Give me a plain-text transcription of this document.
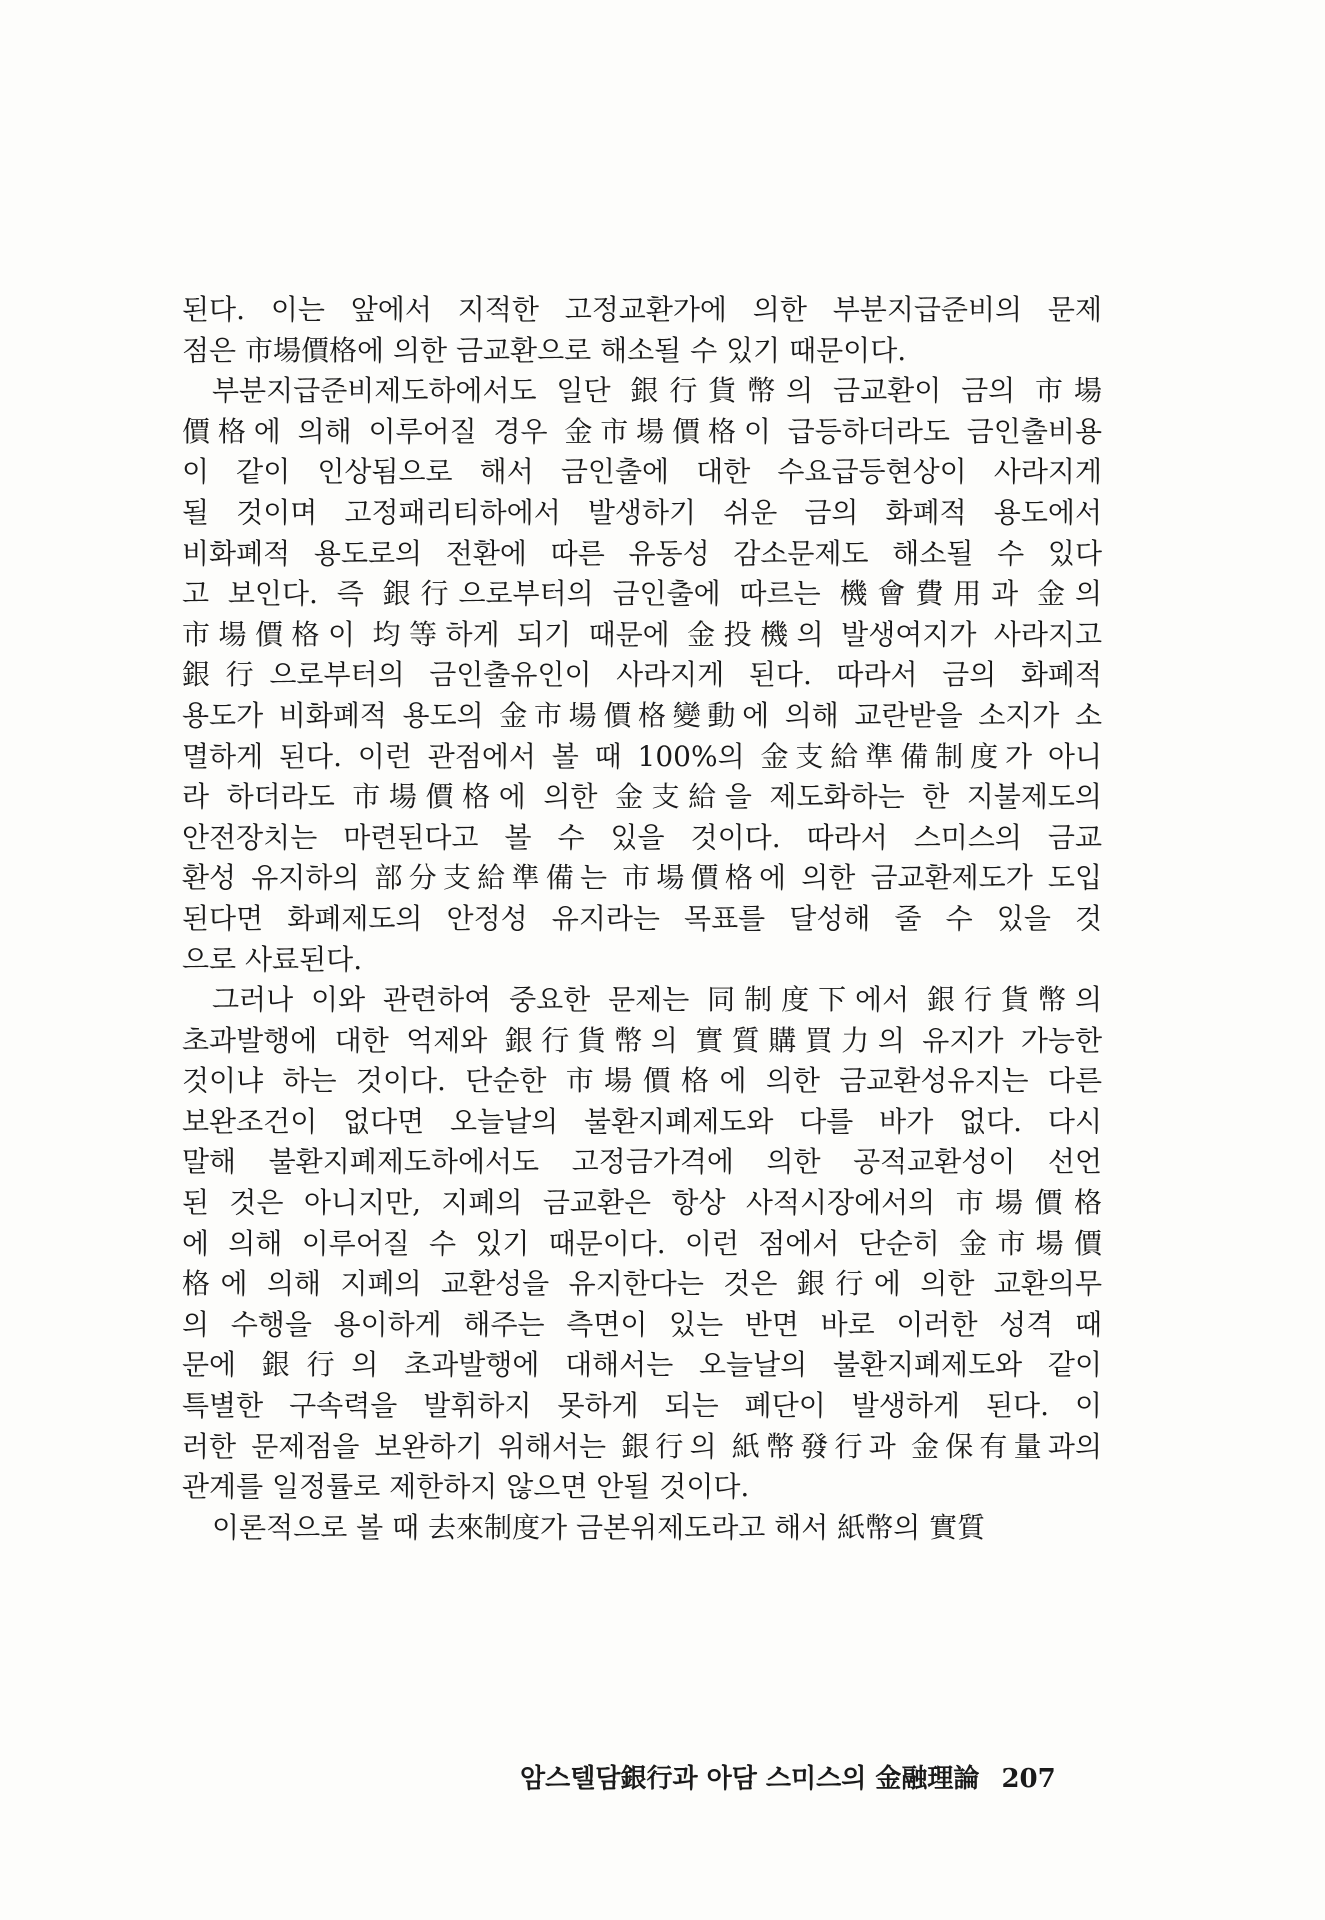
된다. 이는 앞에서 지적한 고정교환가에 의한 부분지급준비의 문제
점은 市場價格에 의한 금교환으로 해소될 수 있기 때문이다.

부분지급준비제도하에서도 일단 銀行貨幣의 금교환이 금의 市場
價格에 의해 이루어질 경우 金市場價格이 급등하더라도 금인출비용
이 같이 인상됨으로 해서 금인출에 대한 수요급등현상이 사라지게
될 것이며 고정패리티하에서 발생하기 쉬운 금의 화폐적 용도에서
비화폐적 용도로의 전환에 따른 유동성 감소문제도 해소될 수 있다
고 보인다. 즉 銀行으로부터의 금인출에 따르는 機會費用과 金의
市場價格이 均等하게 되기 때문에 金投機의 발생여지가 사라지고
銀行으로부터의 금인출유인이 사라지게 된다. 따라서 금의 화폐적
용도가 비화폐적 용도의 金市場價格變動에 의해 교란받을 소지가 소
멸하게 된다. 이런 관점에서 볼 때 100%의 金支給準備制度가 아니
라 하더라도 市場價格에 의한 金支給을 제도화하는 한 지불제도의
안전장치는 마련된다고 볼 수 있을 것이다. 따라서 스미스의 금교
환성 유지하의 部分支給準備는 市場價格에 의한 금교환제도가 도입
된다면 화폐제도의 안정성 유지라는 목표를 달성해 줄 수 있을 것
으로 사료된다.

그러나 이와 관련하여 중요한 문제는 同制度下에서 銀行貨幣의
초과발행에 대한 억제와 銀行貨幣의 實質購買力의 유지가 가능한
것이냐 하는 것이다. 단순한 市場價格에 의한 금교환성유지는 다른
보완조건이 없다면 오늘날의 불환지폐제도와 다를 바가 없다. 다시
말해 불환지폐제도하에서도 고정금가격에 의한 공적교환성이 선언
된 것은 아니지만, 지폐의 금교환은 항상 사적시장에서의 市場價格
에 의해 이루어질 수 있기 때문이다. 이런 점에서 단순히 金市場價
格에 의해 지폐의 교환성을 유지한다는 것은 銀行에 의한 교환의무
의 수행을 용이하게 해주는 측면이 있는 반면 바로 이러한 성격 때
문에 銀行의 초과발행에 대해서는 오늘날의 불환지폐제도와 같이
특별한 구속력을 발휘하지 못하게 되는 폐단이 발생하게 된다. 이
러한 문제점을 보완하기 위해서는 銀行의 紙幣發行과 金保有量과의
관계를 일정률로 제한하지 않으면 안될 것이다.

이론적으로 볼 때 去來制度가 금본위제도라고 해서 紙幣의 實質

암스텔담銀行과 아담 스미스의 金融理論 207
